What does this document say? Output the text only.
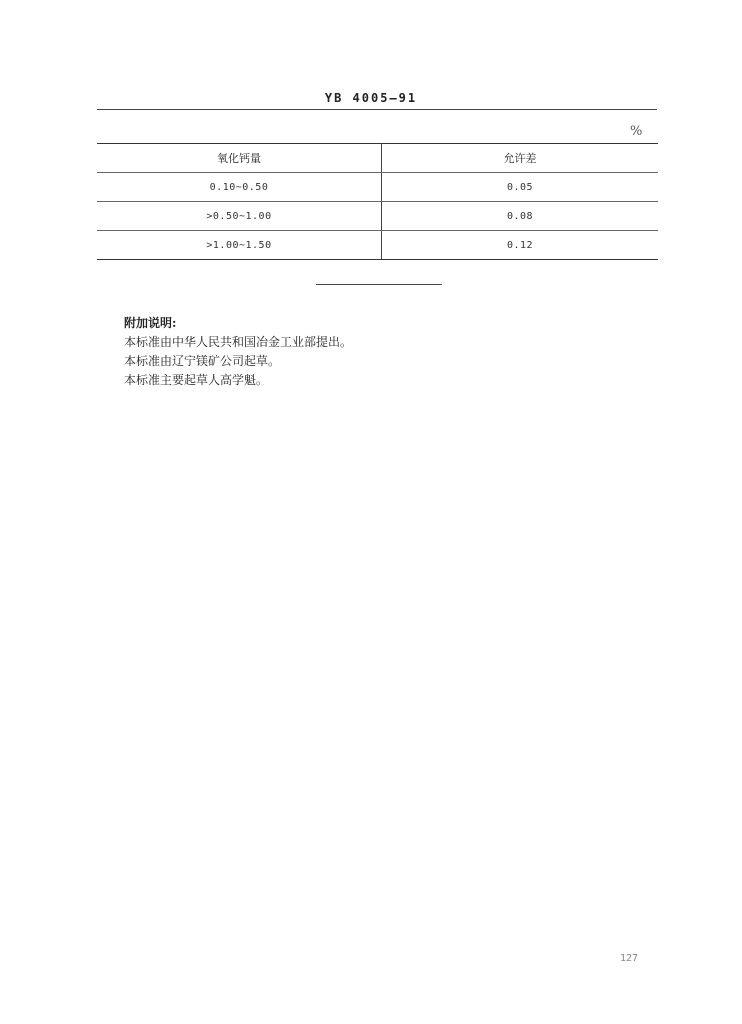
YB 4005—91
%
氧化钙量	允许差
0.10~0.50	0.05
>0.50~1.00	0.08
>1.00~1.50	0.12
附加说明:
本标准由中华人民共和国冶金工业部提出。
本标准由辽宁镁矿公司起草。
本标准主要起草人高学魁。
127
